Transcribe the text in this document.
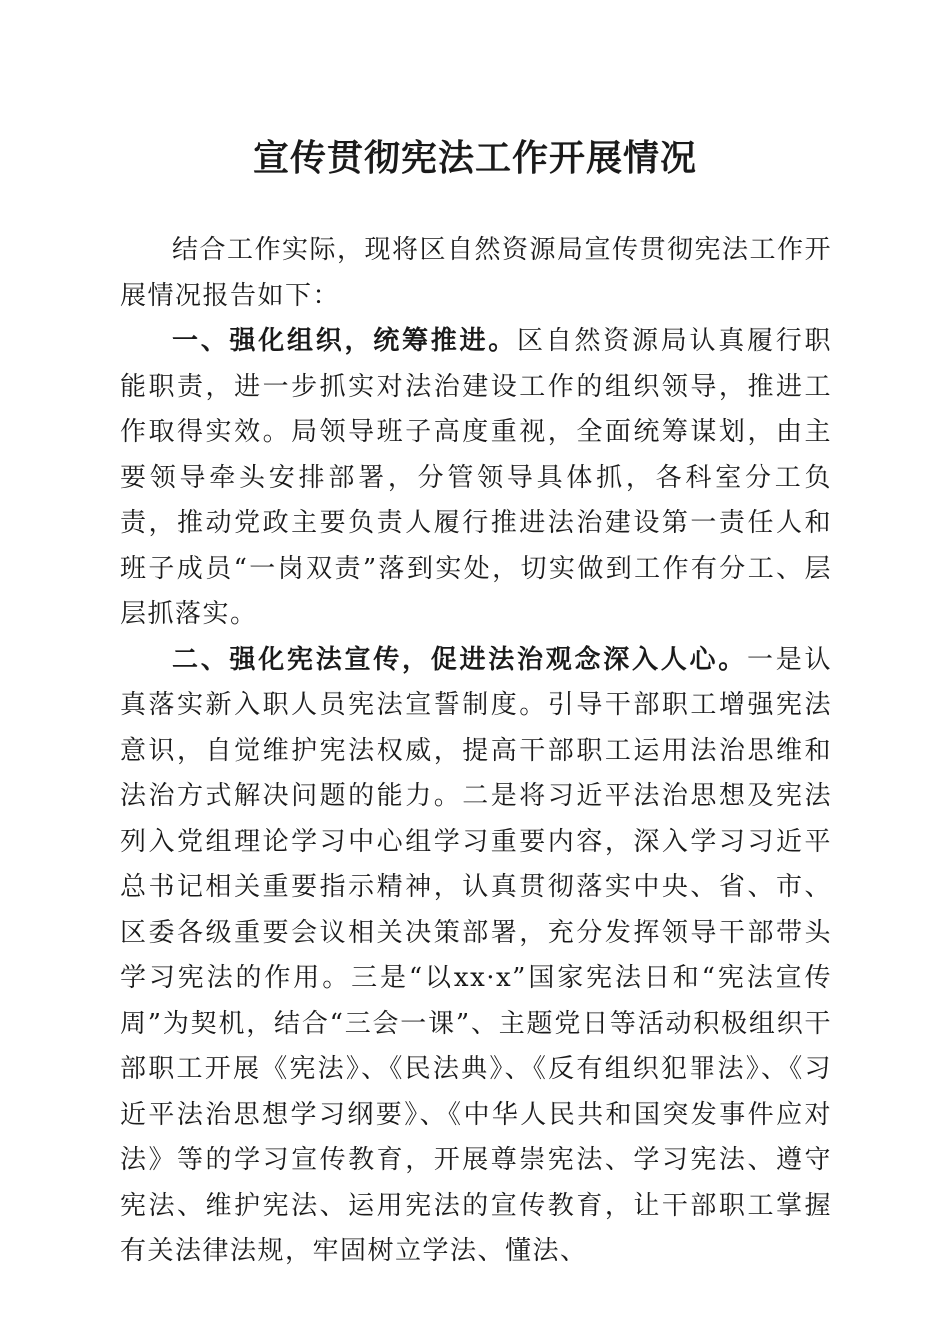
宣传贯彻宪法工作开展情况

结合工作实际，现将区自然资源局宣传贯彻宪法工作开展情况报告如下：

一、强化组织，统筹推进。区自然资源局认真履行职能职责，进一步抓实对法治建设工作的组织领导，推进工作取得实效。局领导班子高度重视，全面统筹谋划，由主要领导牵头安排部署，分管领导具体抓，各科室分工负责，推动党政主要负责人履行推进法治建设第一责任人和班子成员“一岗双责”落到实处，切实做到工作有分工、层层抓落实。

二、强化宪法宣传，促进法治观念深入人心。一是认真落实新入职人员宪法宣誓制度。引导干部职工增强宪法意识，自觉维护宪法权威，提高干部职工运用法治思维和法治方式解决问题的能力。二是将习近平法治思想及宪法列入党组理论学习中心组学习重要内容，深入学习习近平总书记相关重要指示精神，认真贯彻落实中央、省、市、区委各级重要会议相关决策部署，充分发挥领导干部带头学习宪法的作用。三是“以xx·x”国家宪法日和“宪法宣传周”为契机，结合“三会一课”、主题党日等活动积极组织干部职工开展《宪法》、《民法典》、《反有组织犯罪法》、《习近平法治思想学习纲要》、《中华人民共和国突发事件应对法》等的学习宣传教育，开展尊崇宪法、学习宪法、遵守宪法、维护宪法、运用宪法的宣传教育，让干部职工掌握有关法律法规，牢固树立学法、懂法、
